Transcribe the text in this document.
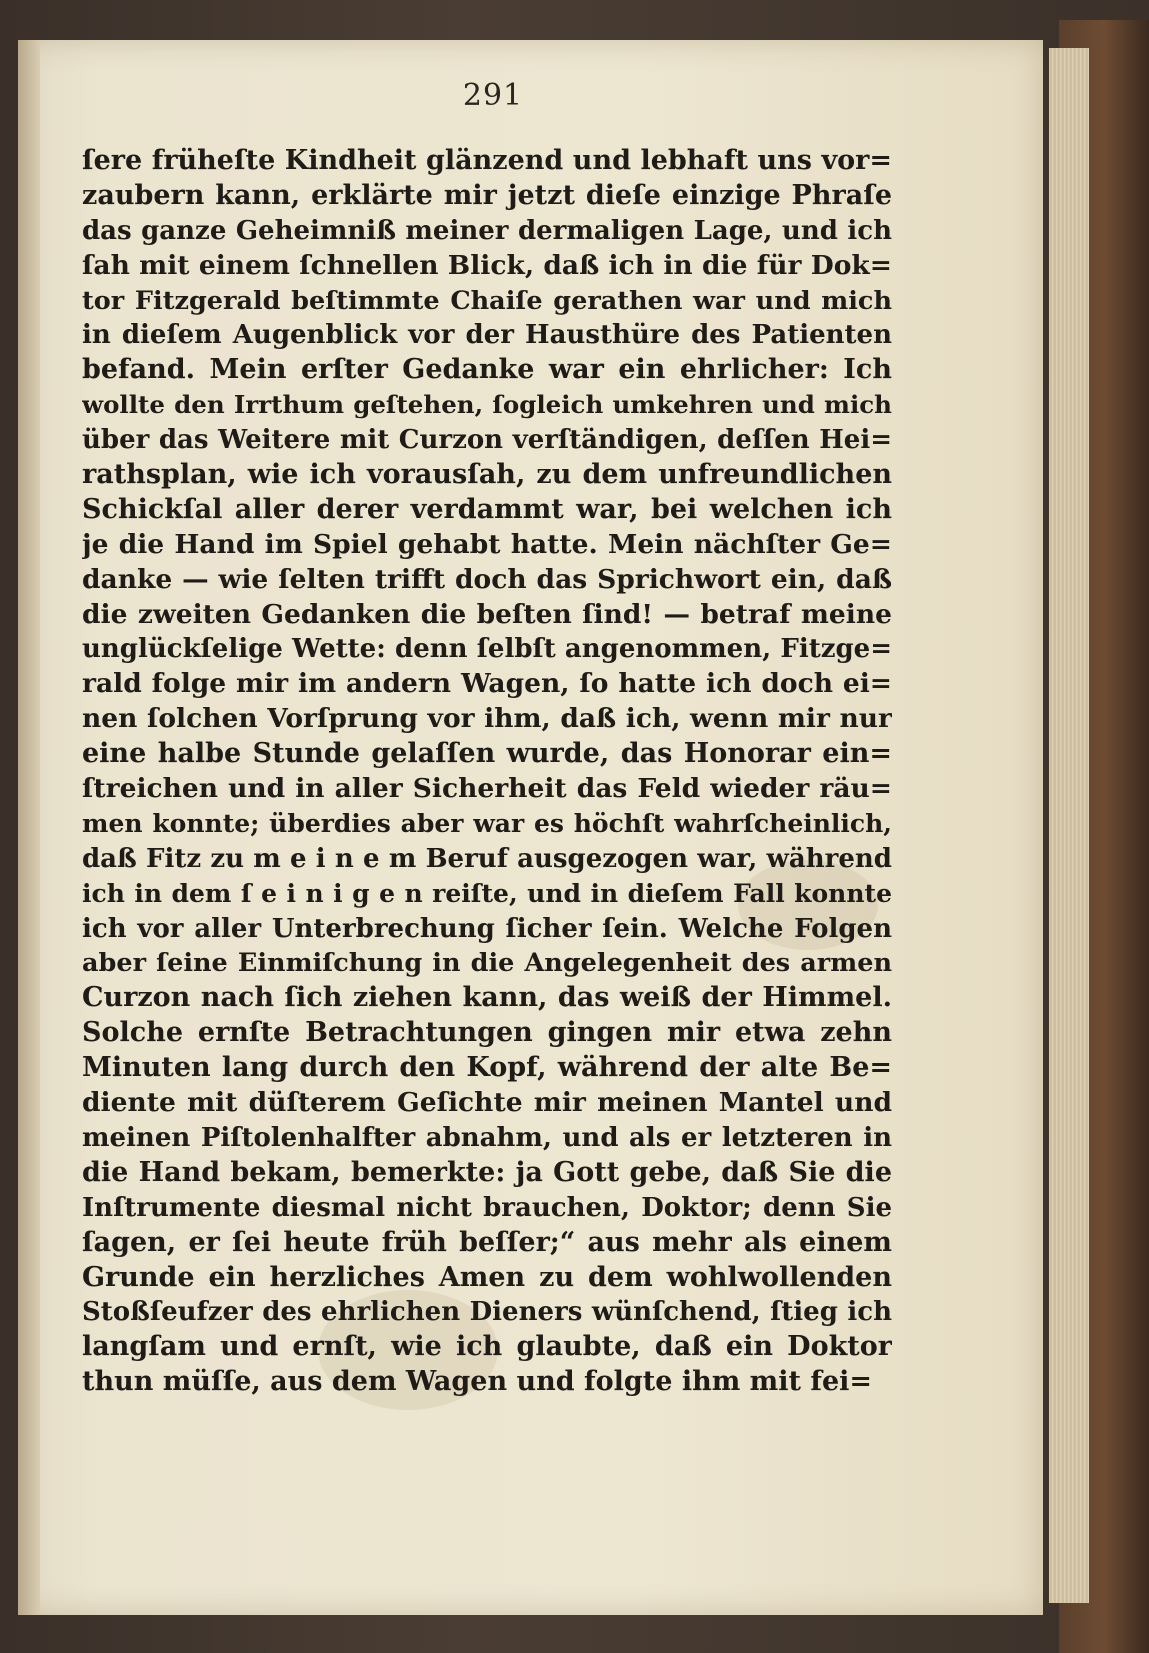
291
ſere früheſte Kindheit glänzend und lebhaft uns vor=
zaubern kann, erklärte mir jetzt dieſe einzige Phraſe
das ganze Geheimniß meiner dermaligen Lage, und ich
ſah mit einem ſchnellen Blick, daß ich in die für Dok=
tor Fitzgerald beſtimmte Chaiſe gerathen war und mich
in dieſem Augenblick vor der Hausthüre des Patienten
befand. Mein erſter Gedanke war ein ehrlicher: Ich
wollte den Irrthum geſtehen, ſogleich umkehren und mich
über das Weitere mit Curzon verſtändigen, deſſen Hei=
rathsplan, wie ich vorausſah, zu dem unfreundlichen
Schickſal aller derer verdammt war, bei welchen ich
je die Hand im Spiel gehabt hatte. Mein nächſter Ge=
danke — wie ſelten trifft doch das Sprichwort ein, daß
die zweiten Gedanken die beſten ſind! — betraf meine
unglückſelige Wette: denn ſelbſt angenommen, Fitzge=
rald folge mir im andern Wagen, ſo hatte ich doch ei=
nen ſolchen Vorſprung vor ihm, daß ich, wenn mir nur
eine halbe Stunde gelaſſen wurde, das Honorar ein=
ſtreichen und in aller Sicherheit das Feld wieder räu=
men konnte; überdies aber war es höchſt wahrſcheinlich,
daß Fitz zu m e i n e m Beruf ausgezogen war, während
ich in dem ſ e i n i g e n reiſte, und in dieſem Fall konnte
ich vor aller Unterbrechung ſicher ſein. Welche Folgen
aber ſeine Einmiſchung in die Angelegenheit des armen
Curzon nach ſich ziehen kann, das weiß der Himmel.
Solche ernſte Betrachtungen gingen mir etwa zehn
Minuten lang durch den Kopf, während der alte Be=
diente mit düſterem Geſichte mir meinen Mantel und
meinen Piſtolenhalfter abnahm, und als er letzteren in
die Hand bekam, bemerkte: ja Gott gebe, daß Sie die
Inſtrumente diesmal nicht brauchen, Doktor; denn Sie
ſagen, er ſei heute früh beſſer;“ aus mehr als einem
Grunde ein herzliches Amen zu dem wohlwollenden
Stoßſeufzer des ehrlichen Dieners wünſchend, ſtieg ich
langſam und ernſt, wie ich glaubte, daß ein Doktor
thun müſſe, aus dem Wagen und folgte ihm mit fei=
